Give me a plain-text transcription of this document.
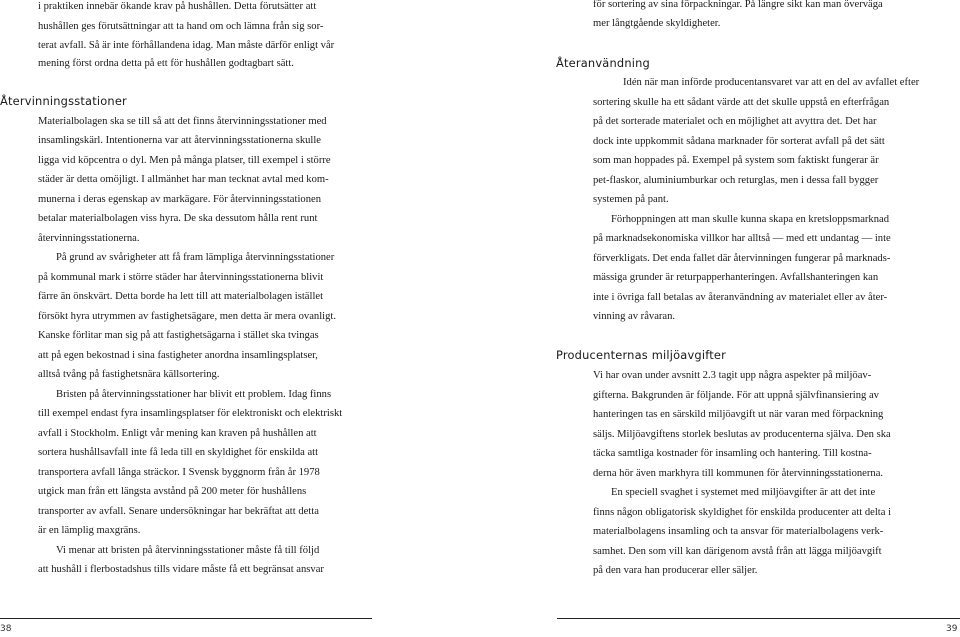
i praktiken innebär ökande krav på hushållen. Detta förutsätter att
hushållen ges förutsättningar att ta hand om och lämna från sig sor-
terat avfall. Så är inte förhållandena idag. Man måste därför enligt vår
mening först ordna detta på ett för hushållen godtagbart sätt.
Återvinningsstationer
Materialbolagen ska se till så att det finns återvinningsstationer med
insamlingskärl. Intentionerna var att återvinningsstationerna skulle
ligga vid köpcentra o dyl. Men på många platser, till exempel i större
städer är detta omöjligt. I allmänhet har man tecknat avtal med kom-
munerna i deras egenskap av markägare. För återvinningsstationen
betalar materialbolagen viss hyra. De ska dessutom hålla rent runt
återvinningsstationerna.
På grund av svårigheter att få fram lämpliga återvinningsstationer
på kommunal mark i större städer har återvinningsstationerna blivit
färre än önskvärt. Detta borde ha lett till att materialbolagen istället
försökt hyra utrymmen av fastighetsägare, men detta är mera ovanligt.
Kanske förlitar man sig på att fastighetsägarna i stället ska tvingas
att på egen bekostnad i sina fastigheter anordna insamlingsplatser,
alltså tvång på fastighetsnära källsortering.
Bristen på återvinningsstationer har blivit ett problem. Idag finns
till exempel endast fyra insamlingsplatser för elektroniskt och elektriskt
avfall i Stockholm. Enligt vår mening kan kraven på hushållen att
sortera hushållsavfall inte få leda till en skyldighet för enskilda att
transportera avfall långa sträckor. I Svensk byggnorm från år 1978
utgick man från ett längsta avstånd på 200 meter för hushållens
transporter av avfall. Senare undersökningar har bekräftat att detta
är en lämplig maxgräns.
Vi menar att bristen på återvinningsstationer måste få till följd
att hushåll i flerbostadshus tills vidare måste få ett begränsat ansvar
38
för sortering av sina förpackningar. På längre sikt kan man överväga
mer långtgående skyldigheter.
Återanvändning
Idén när man införde producentansvaret var att en del av avfallet efter
sortering skulle ha ett sådant värde att det skulle uppstå en efterfrågan
på det sorterade materialet och en möjlighet att avyttra det. Det har
dock inte uppkommit sådana marknader för sorterat avfall på det sätt
som man hoppades på. Exempel på system som faktiskt fungerar är
pet-flaskor, aluminiumburkar och returglas, men i dessa fall bygger
systemen på pant.
Förhoppningen att man skulle kunna skapa en kretsloppsmarknad
på marknadsekonomiska villkor har alltså — med ett undantag — inte
förverkligats. Det enda fallet där återvinningen fungerar på marknads-
mässiga grunder är returpapperhanteringen. Avfallshanteringen kan
inte i övriga fall betalas av återanvändning av materialet eller av åter-
vinning av råvaran.
Producenternas miljöavgifter
Vi har ovan under avsnitt 2.3 tagit upp några aspekter på miljöav-
gifterna. Bakgrunden är följande. För att uppnå självfinansiering av
hanteringen tas en särskild miljöavgift ut när varan med förpackning
säljs. Miljöavgiftens storlek beslutas av producenterna själva. Den ska
täcka samtliga kostnader för insamling och hantering. Till kostna-
derna hör även markhyra till kommunen för återvinningsstationerna.
En speciell svaghet i systemet med miljöavgifter är att det inte
finns någon obligatorisk skyldighet för enskilda producenter att delta i
materialbolagens insamling och ta ansvar för materialbolagens verk-
samhet. Den som vill kan därigenom avstå från att lägga miljöavgift
på den vara han producerar eller säljer.
39
